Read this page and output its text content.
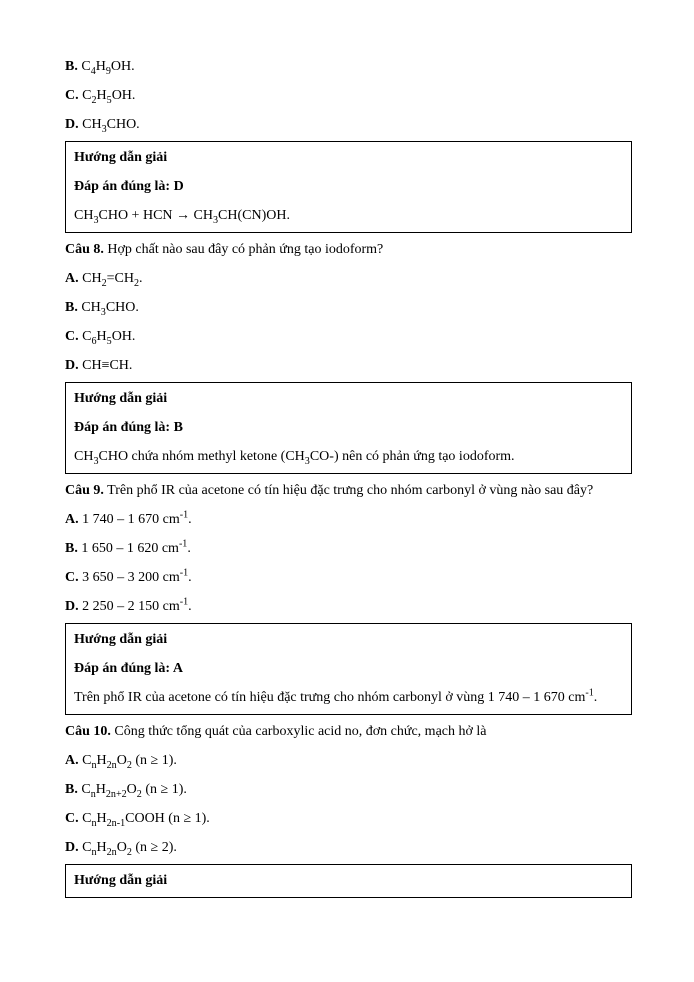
B. $C_4H_9OH$.

C. $C_2H_5OH$.

D. $CH_3CHO$.

Hướng dẫn giải

Đáp án đúng là: D

$CH_3CHO$ + HCN → $CH_3CH(CN)OH$.

Câu 8. Hợp chất nào sau đây có phản ứng tạo iodoform?

A. $CH_2=CH_2$.

B. $CH_3CHO$.

C. $C_6H_5OH$.

D. CH≡CH.

Hướng dẫn giải

Đáp án đúng là: B

$CH_3CHO$ chứa nhóm methyl ketone $(CH_3CO-)$ nên có phản ứng tạo iodoform.

Câu 9. Trên phổ IR của acetone có tín hiệu đặc trưng cho nhóm carbonyl ở vùng nào sau đây?

A. 1 740 – 1 670 $cm^{-1}$.

B. 1 650 – 1 620 $cm^{-1}$.

C. 3 650 – 3 200 $cm^{-1}$.

D. 2 250 – 2 150 $cm^{-1}$.

Hướng dẫn giải

Đáp án đúng là: A

Trên phổ IR của acetone có tín hiệu đặc trưng cho nhóm carbonyl ở vùng 1 740 – 1 670 $cm^{-1}$.

Câu 10. Công thức tổng quát của carboxylic acid no, đơn chức, mạch hở là

A. $C_nH_{2n}O_2$ (n ≥ 1).

B. $C_nH_{2n+2}O_2$ (n ≥ 1).

C. $C_nH_{2n-1}COOH$ (n ≥ 1).

D. $C_nH_{2n}O_2$ (n ≥ 2).

Hướng dẫn giải
